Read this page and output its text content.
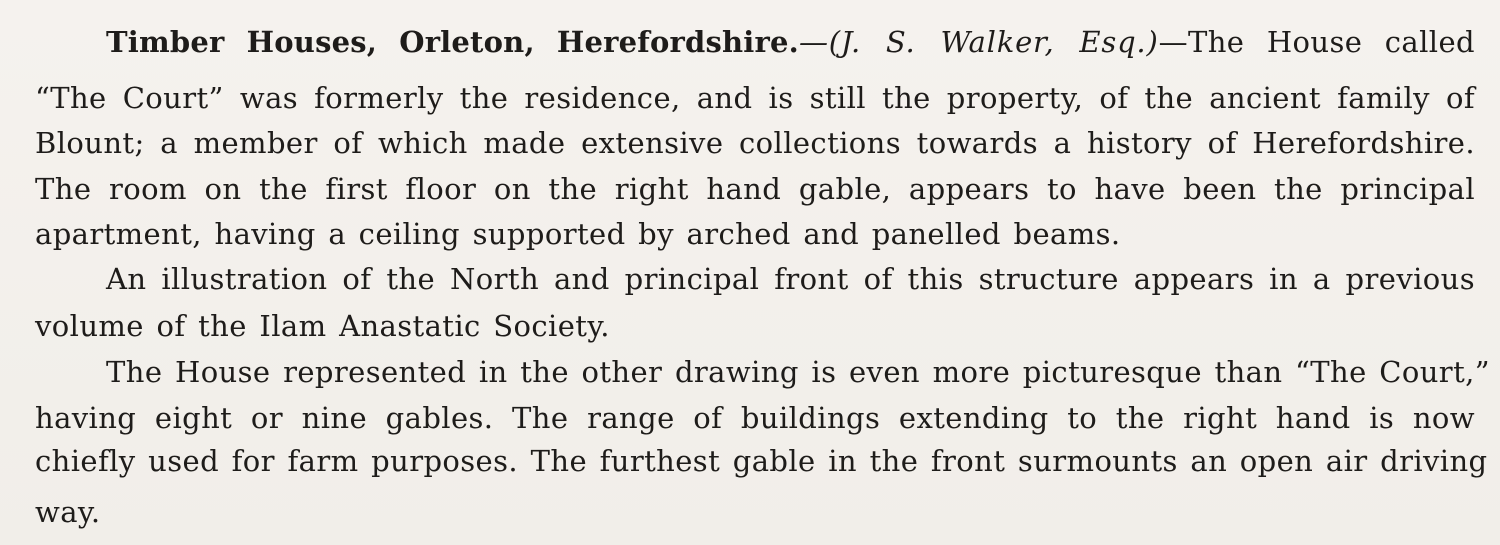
Timber Houses, Orleton, Herefordshire.—(J. S. Walker, Esq.)—The House called
“The Court” was formerly the residence, and is still the property, of the ancient family of
Blount; a member of which made extensive collections towards a history of Herefordshire.
The room on the first floor on the right hand gable, appears to have been the principal
apartment, having a ceiling supported by arched and panelled beams.
An illustration of the North and principal front of this structure appears in a previous
volume of the Ilam Anastatic Society.
The House represented in the other drawing is even more picturesque than “The Court,”
having eight or nine gables. The range of buildings extending to the right hand is now
chiefly used for farm purposes. The furthest gable in the front surmounts an open air driving
way.
